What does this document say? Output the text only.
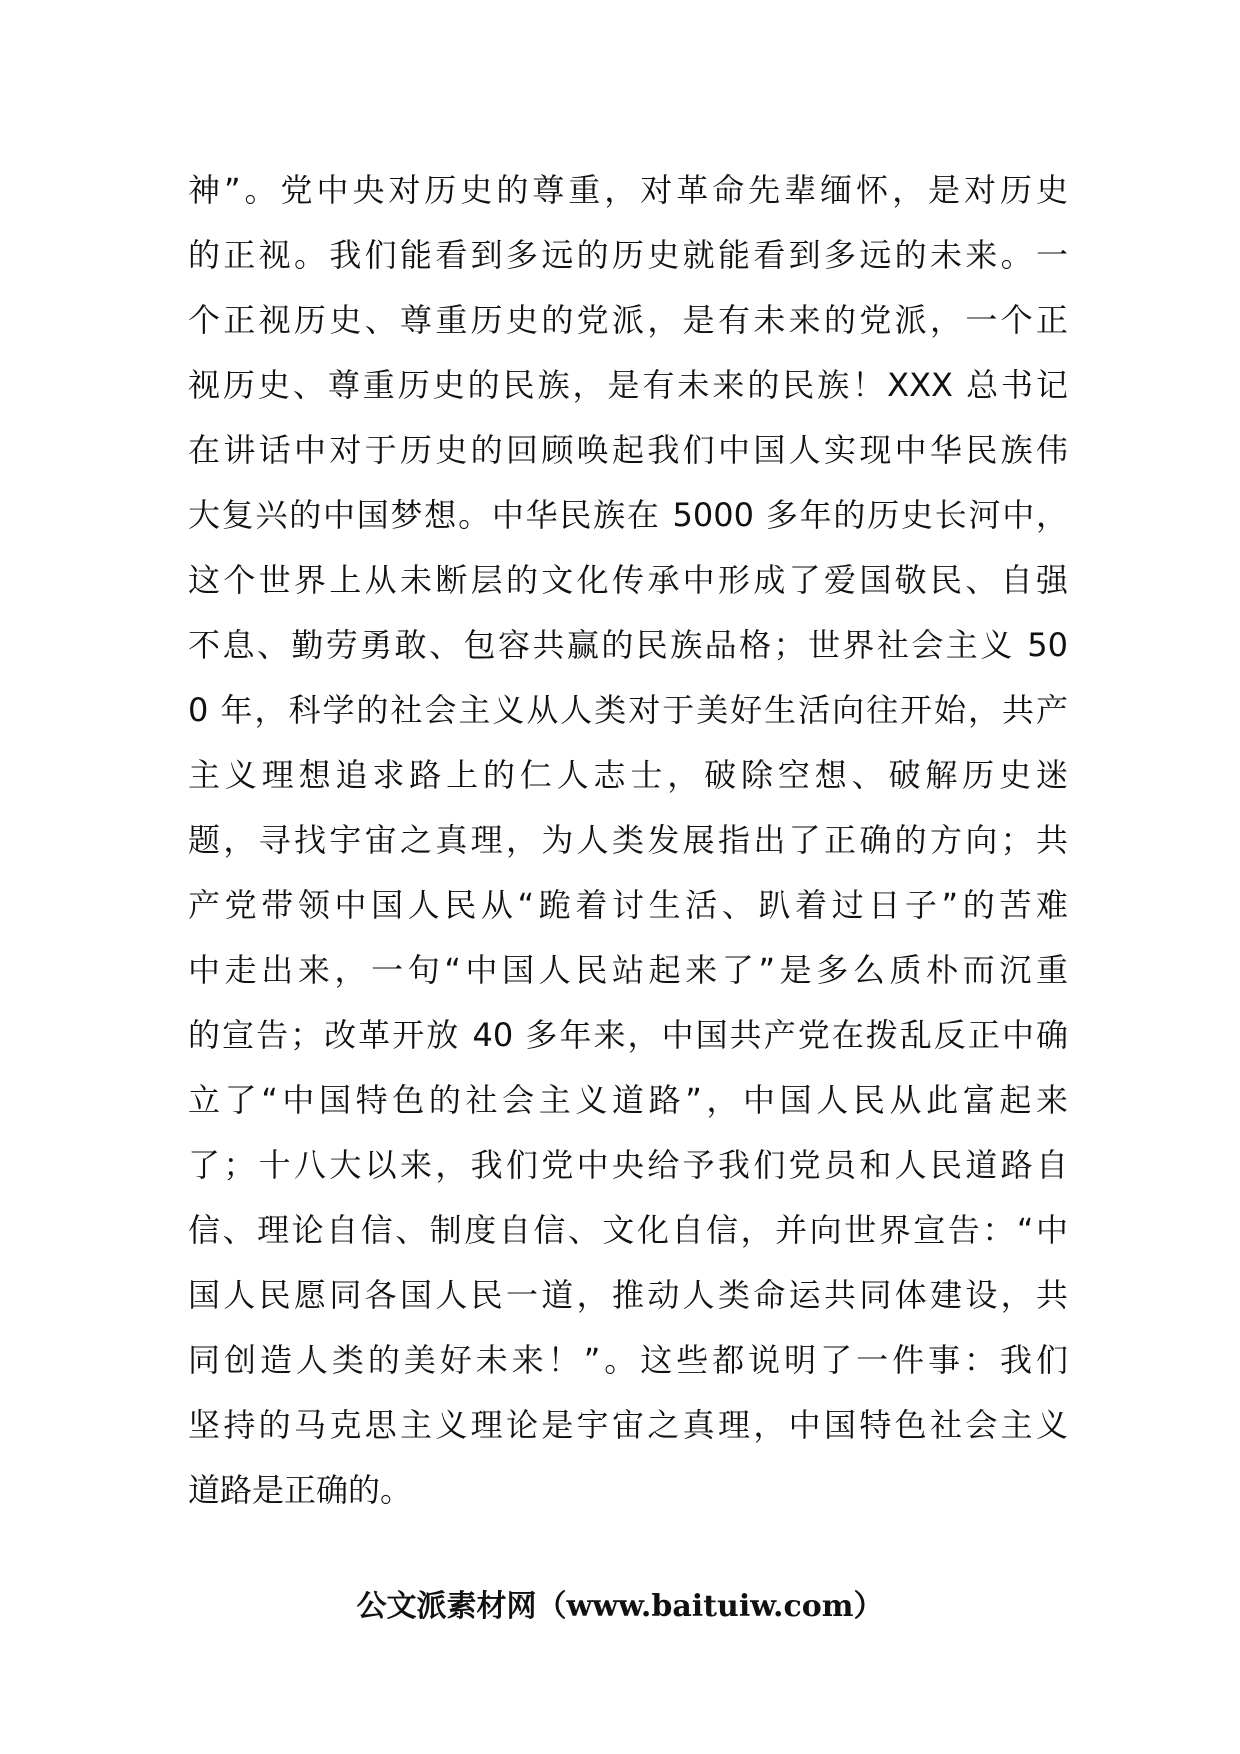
神”。党中央对历史的尊重，对革命先辈缅怀，是对历史
的正视。我们能看到多远的历史就能看到多远的未来。一
个正视历史、尊重历史的党派，是有未来的党派，一个正
视历史、尊重历史的民族，是有未来的民族！XXX 总书记
在讲话中对于历史的回顾唤起我们中国人实现中华民族伟
大复兴的中国梦想。中华民族在 5000 多年的历史长河中，
这个世界上从未断层的文化传承中形成了爱国敬民、自强
不息、勤劳勇敢、包容共赢的民族品格；世界社会主义 50
0 年，科学的社会主义从人类对于美好生活向往开始，共产
主义理想追求路上的仁人志士，破除空想、破解历史迷
题，寻找宇宙之真理，为人类发展指出了正确的方向；共
产党带领中国人民从“跪着讨生活、趴着过日子”的苦难
中走出来，一句“中国人民站起来了”是多么质朴而沉重
的宣告；改革开放 40 多年来，中国共产党在拨乱反正中确
立了“中国特色的社会主义道路”，中国人民从此富起来
了；十八大以来，我们党中央给予我们党员和人民道路自
信、理论自信、制度自信、文化自信，并向世界宣告：“中
国人民愿同各国人民一道，推动人类命运共同体建设，共
同创造人类的美好未来！”。这些都说明了一件事：我们
坚持的马克思主义理论是宇宙之真理，中国特色社会主义
道路是正确的。
公文派素材网（www.baituiw.com）
